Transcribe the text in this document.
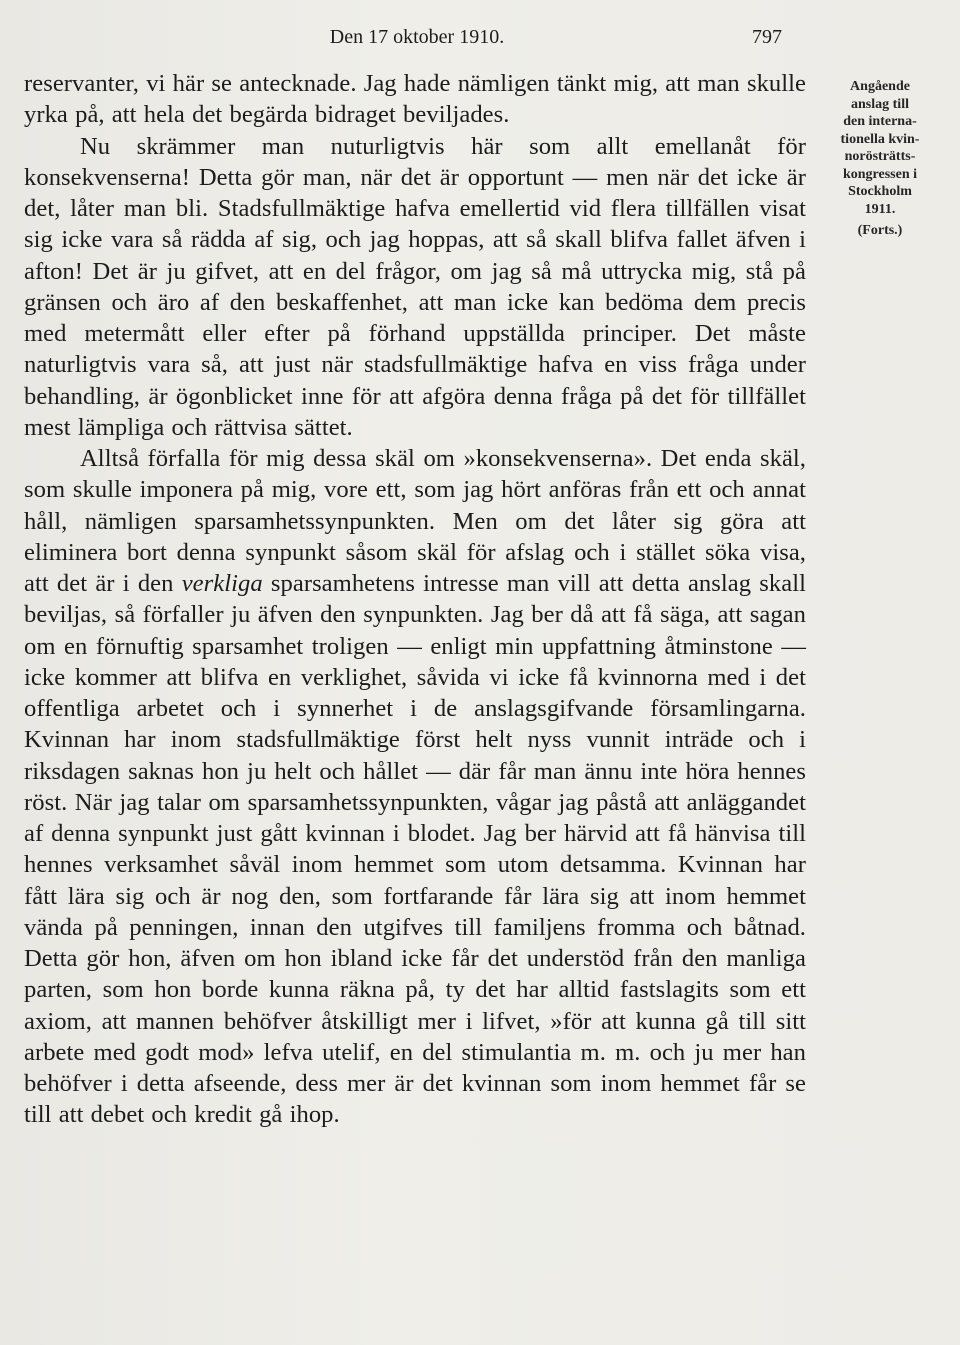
Den 17 oktober 1910.	797

reservanter, vi här se antecknade. Jag hade nämligen tänkt mig, att man skulle yrka på, att hela det begärda bidraget beviljades.

Nu skrämmer man nuturligtvis här som allt emellanåt för konsekvenserna! Detta gör man, när det är opportunt — men när det icke är det, låter man bli. Stadsfullmäktige hafva emellertid vid flera tillfällen visat sig icke vara så rädda af sig, och jag hoppas, att så skall blifva fallet äfven i afton! Det är ju gifvet, att en del frågor, om jag så må uttrycka mig, stå på gränsen och äro af den beskaffenhet, att man icke kan bedöma dem precis med metermått eller efter på förhand uppställda principer. Det måste naturligtvis vara så, att just när stadsfullmäktige hafva en viss fråga under behandling, är ögonblicket inne för att afgöra denna fråga på det för tillfället mest lämpliga och rättvisa sättet.

Alltså förfalla för mig dessa skäl om »konsekvenserna». Det enda skäl, som skulle imponera på mig, vore ett, som jag hört anföras från ett och annat håll, nämligen sparsamhetssynpunkten. Men om det låter sig göra att eliminera bort denna synpunkt såsom skäl för afslag och i stället söka visa, att det är i den verkliga sparsamhetens intresse man vill att detta anslag skall beviljas, så förfaller ju äfven den synpunkten. Jag ber då att få säga, att sagan om en förnuftig sparsamhet troligen — enligt min uppfattning åtminstone — icke kommer att blifva en verklighet, såvida vi icke få kvinnorna med i det offentliga arbetet och i synnerhet i de anslagsgifvande församlingarna. Kvinnan har inom stadsfullmäktige först helt nyss vunnit inträde och i riksdagen saknas hon ju helt och hållet — där får man ännu inte höra hennes röst. När jag talar om sparsamhetssynpunkten, vågar jag påstå att anläggandet af denna synpunkt just gått kvinnan i blodet. Jag ber härvid att få hänvisa till hennes verksamhet såväl inom hemmet som utom detsamma. Kvinnan har fått lära sig och är nog den, som fortfarande får lära sig att inom hemmet vända på penningen, innan den utgifves till familjens fromma och båtnad. Detta gör hon, äfven om hon ibland icke får det understöd från den manliga parten, som hon borde kunna räkna på, ty det har alltid fastslagits som ett axiom, att mannen behöfver åtskilligt mer i lifvet, »för att kunna gå till sitt arbete med godt mod» lefva utelif, en del stimulantia m. m. och ju mer han behöfver i detta afseende, dess mer är det kvinnan som inom hemmet får se till att debet och kredit gå ihop.

Angående
anslag till
den interna-
tionella kvin-
norösträtts-
kongressen i
Stockholm
1911.
(Forts.)
